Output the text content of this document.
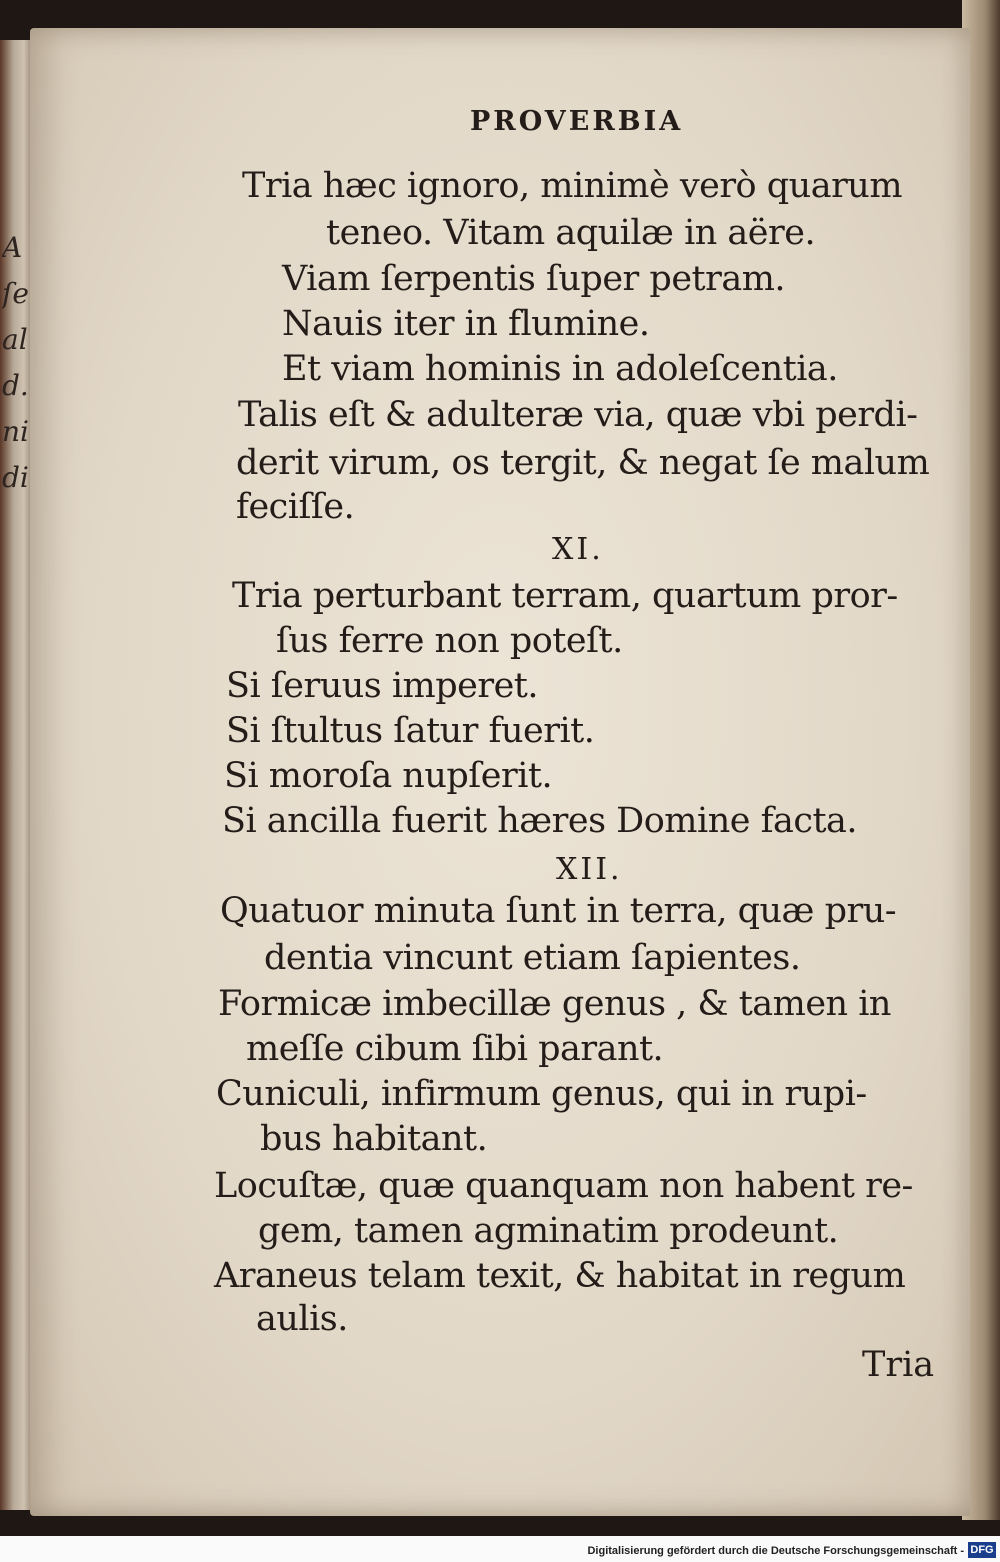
A
ſe
al
d.
ni
di
PROVERBIA
Tria hæc ignoro, minimè verò quarum
teneo. Vitam aquilæ in aëre.
Viam ſerpentis ſuper petram.
Nauis iter in flumine.
Et viam hominis in adoleſcentia.
Talis eſt & adulteræ via, quæ vbi perdi-
derit virum, os tergit, & negat ſe malum
feciſſe.
XI.
Tria perturbant terram, quartum pror-
ſus ferre non poteſt.
Si ſeruus imperet.
Si ſtultus ſatur fuerit.
Si moroſa nupſerit.
Si ancilla fuerit hæres Domine facta.
XII.
Quatuor minuta ſunt in terra, quæ pru-
dentia vincunt etiam ſapientes.
Formicæ imbecillæ genus , & tamen in
meſſe cibum ſibi parant.
Cuniculi, infirmum genus, qui in rupi-
bus habitant.
Locuſtæ, quæ quanquam non habent re-
gem, tamen agminatim prodeunt.
Araneus telam texit, & habitat in regum
aulis.
Tria
Digitalisierung gefördert durch die Deutsche Forschungsgemeinschaft - DFG
